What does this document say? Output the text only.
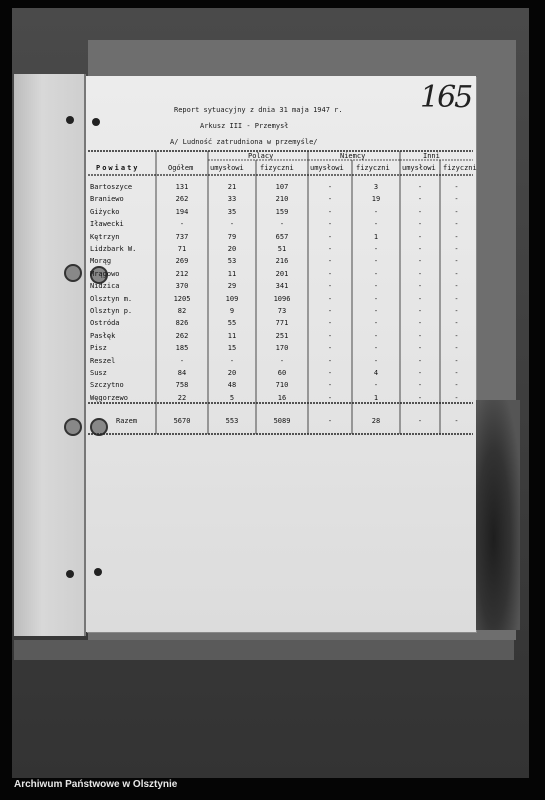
165
Report sytuacyjny z dnia 31 maja 1947 r.
Arkusz III - Przemysł
A/ Ludność zatrudniona w przemyśle/
Powiaty	Ogółem
Polacy	Niemcy	Inni
umysłowi fizyczni umysłowi fizyczni umysłowi fizyczni
Bartoszyce	131	21	107	-	3	-	-
Braniewo	262	33	210	-	19	-	-
Giżycko	194	35	159	-	-	-	-
Iławecki	-	-	-	-	-	-	-
Kętrzyn	737	79	657	-	1	-	-
Lidzbark W.	71	20	51	-	-	-	-
Morąg	269	53	216	-	-	-	-
Mrągowo	212	11	201	-	-	-	-
Nidzica	370	29	341	-	-	-	-
Olsztyn m.	1205	109	1096	-	-	-	-
Olsztyn p.	82	9	73	-	-	-	-
Ostróda	826	55	771	-	-	-	-
Pasłęk	262	11	251	-	-	-	-
Pisz	185	15	170	-	-	-	-
Reszel	-	-	-	-	-	-	-
Susz	84	20	60	-	4	-	-
Szczytno	758	48	710	-	-	-	-
Węgorzewo	22	5	16	-	1	-	-
Razem	5670	553	5089	-	28	-	-
Archiwum Państwowe w Olsztynie
